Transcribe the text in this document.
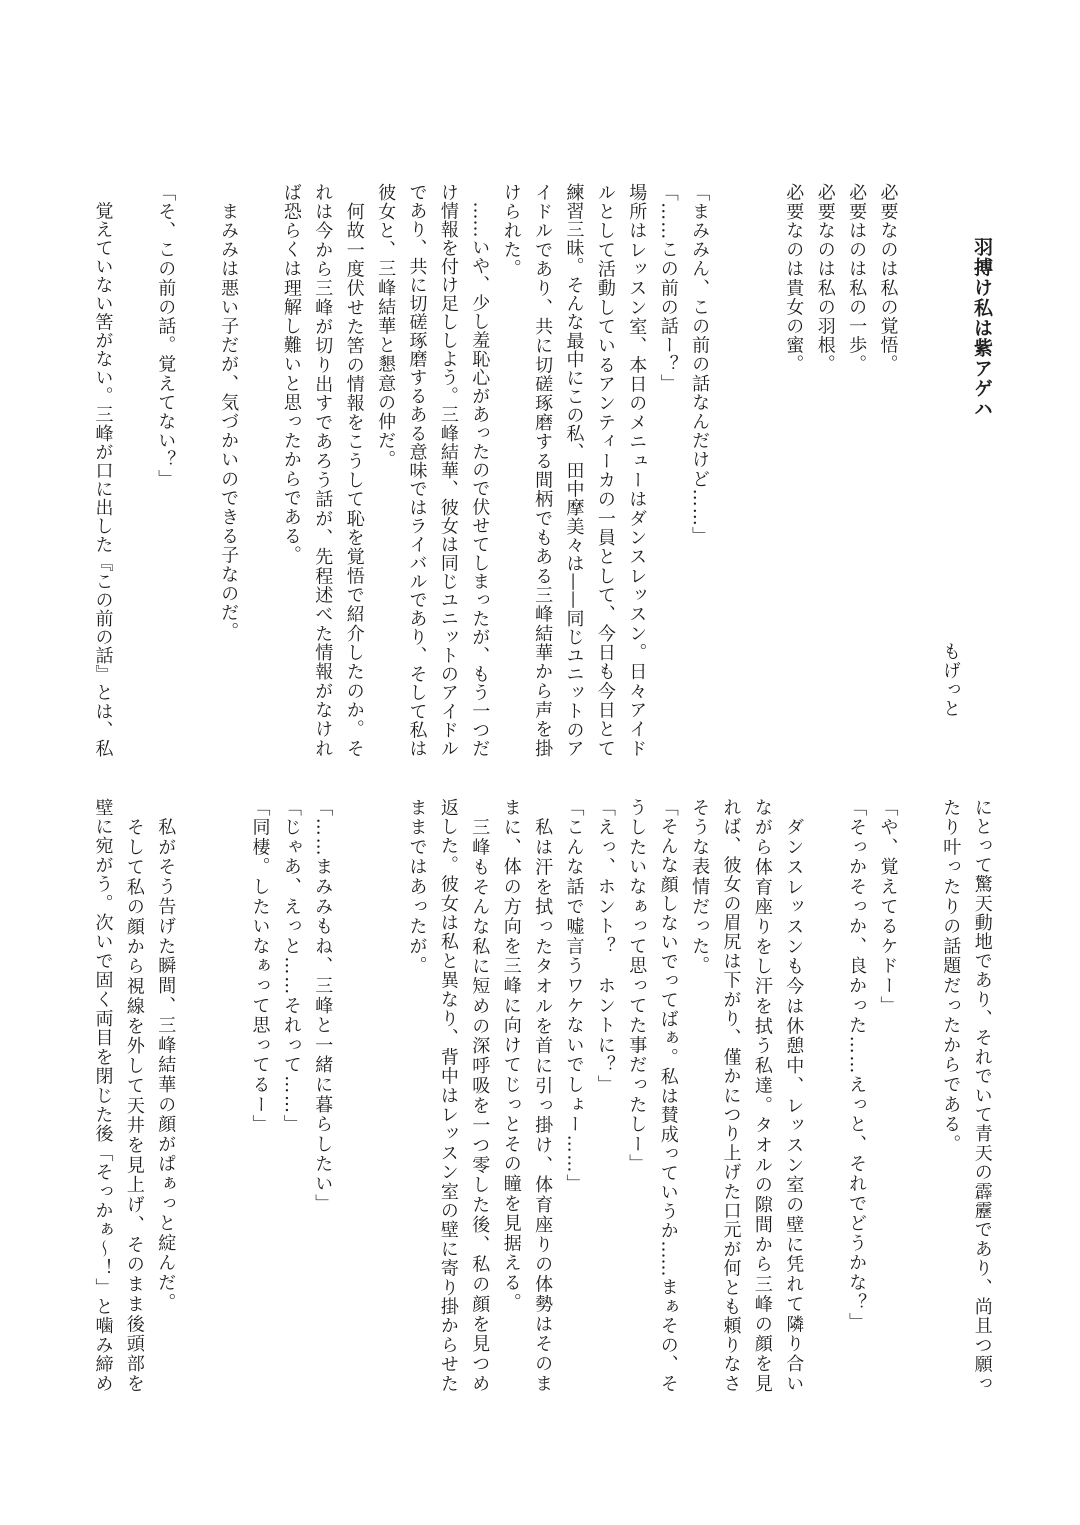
羽搏け私は紫アゲハ
もげっと
必要なのは私の覚悟。
必要はのは私の一歩。
必要なのは私の羽根。
必要なのは貴女の蜜。
「まみみん、この前の話なんだけど……」
「……この前の話ー？」
場所はレッスン室、本日のメニューはダンスレッスン。日々アイド
ルとして活動しているアンティーカの一員として、今日も今日とて
練習三昧。そんな最中にこの私、田中摩美々は——同じユニットのア
イドルであり、共に切磋琢磨する間柄でもある三峰結華から声を掛
けられた。
　……いや、少し羞恥心があったので伏せてしまったが、もう一つだ
け情報を付け足ししよう。三峰結華、彼女は同じユニットのアイドル
であり、共に切磋琢磨するある意味ではライバルであり、そして私は
彼女と、三峰結華と懇意の仲だ。
　何故一度伏せた筈の情報をこうして恥を覚悟で紹介したのか。そ
れは今から三峰が切り出すであろう話が、先程述べた情報がなけれ
ば恐らくは理解し難いと思ったからである。
　まみみは悪い子だが、気づかいのできる子なのだ。
「そ、この前の話。覚えてない？」
　覚えていない筈がない。三峰が口に出した『この前の話』とは、私
にとって驚天動地であり、それでいて青天の霹靂であり、尚且つ願っ
たり叶ったりの話題だったからである。
「や、覚えてるケドー」
「そっかそっか、良かった……えっと、それでどうかな？」
　ダンスレッスンも今は休憩中、レッスン室の壁に凭れて隣り合い
ながら体育座りをし汗を拭う私達。タオルの隙間から三峰の顔を見
れば、彼女の眉尻は下がり、僅かにつり上げた口元が何とも頼りなさ
そうな表情だった。
「そんな顔しないでってばぁ。私は賛成っていうか……まぁその、そ
うしたいなぁって思ってた事だったしー」
「えっ、ホント？　ホントに？」
「こんな話で嘘言うワケないでしょー……」
　私は汗を拭ったタオルを首に引っ掛け、体育座りの体勢はそのま
まに、体の方向を三峰に向けてじっとその瞳を見据える。
　三峰もそんな私に短めの深呼吸を一つ零した後、私の顔を見つめ
返した。彼女は私と異なり、背中はレッスン室の壁に寄り掛からせた
ままではあったが。
「……まみみもね、三峰と一緒に暮らしたい」
「じゃあ、えっと……それって……」
「同棲。したいなぁって思ってるー」
　私がそう告げた瞬間、三峰結華の顔がぱぁっと綻んだ。
　そして私の顔から視線を外して天井を見上げ、そのまま後頭部を
壁に宛がう。次いで固く両目を閉じた後「そっかぁ～！」と噛み締め
